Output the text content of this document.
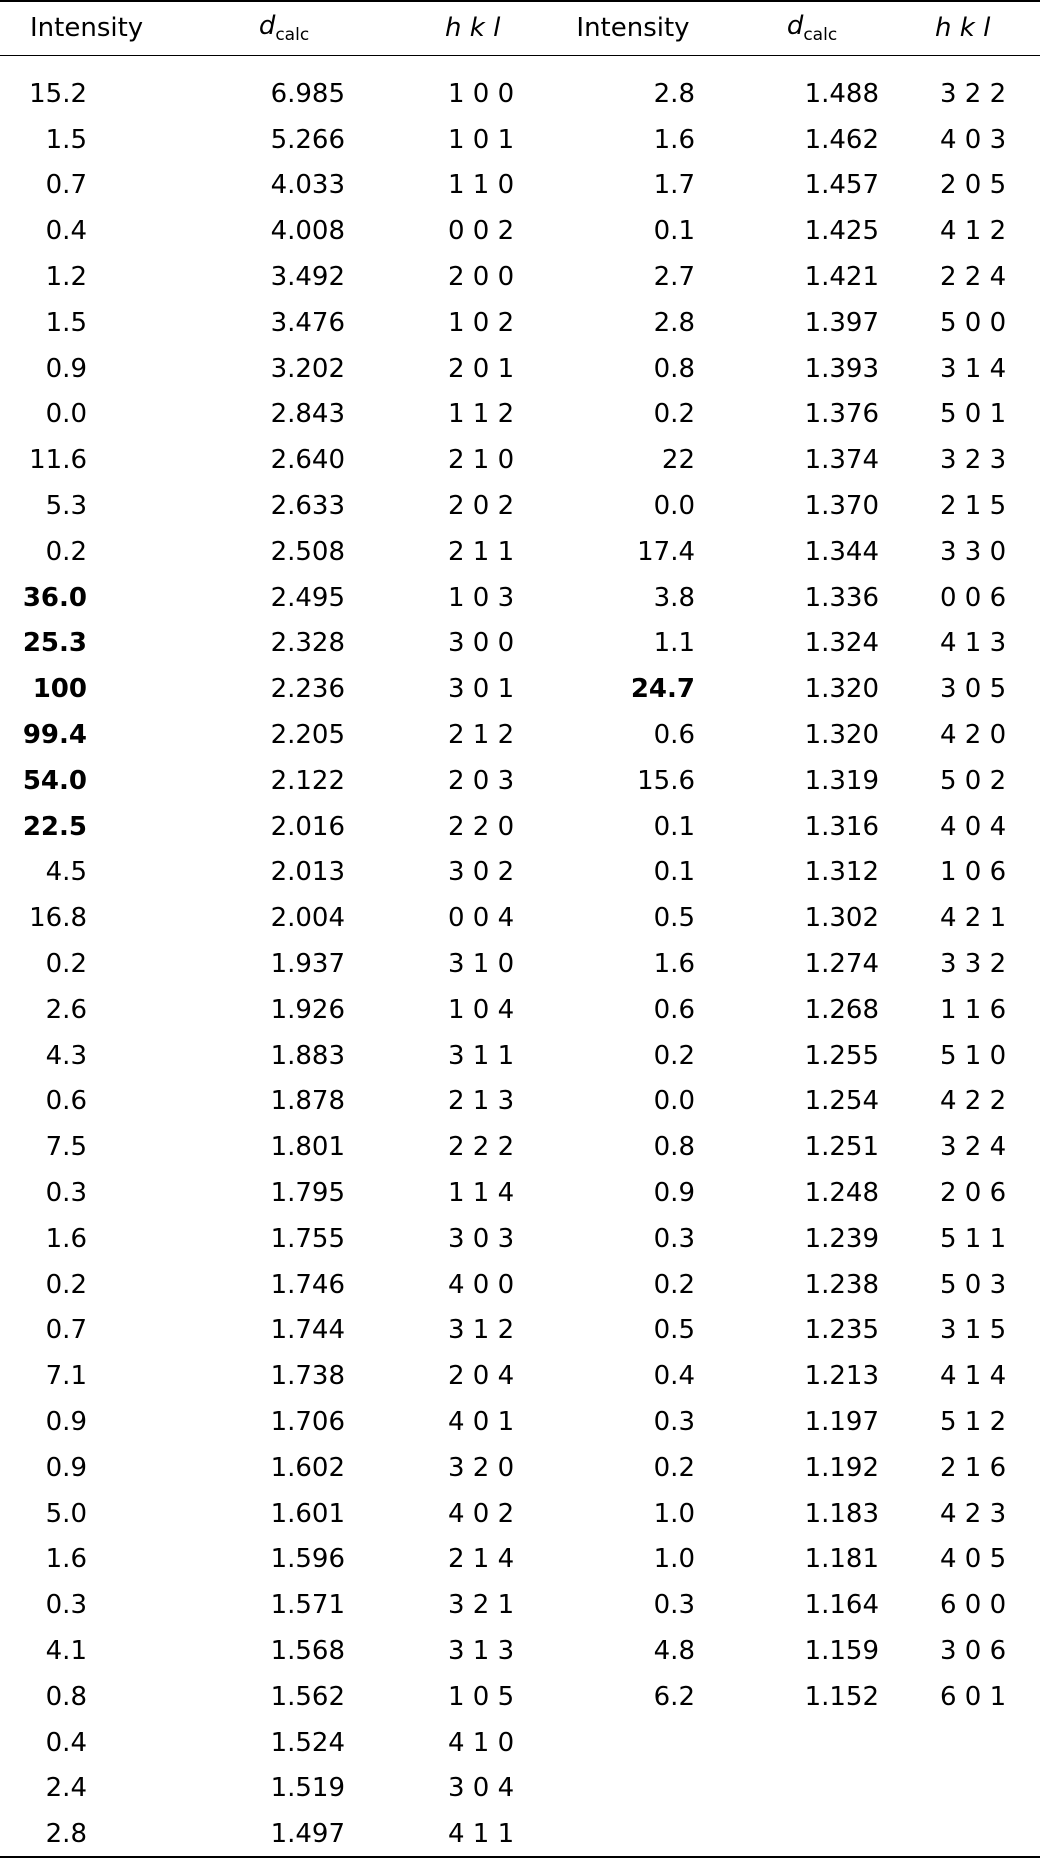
Intensity	$d_{calc}$	h k l	Intensity	$d_{calc}$	h k l

15.2	6.985	1 0 0	2.8	1.488	3 2 2
1.5	5.266	1 0 1	1.6	1.462	4 0 3
0.7	4.033	1 1 0	1.7	1.457	2 0 5
0.4	4.008	0 0 2	0.1	1.425	4 1 2
1.2	3.492	2 0 0	2.7	1.421	2 2 4
1.5	3.476	1 0 2	2.8	1.397	5 0 0
0.9	3.202	2 0 1	0.8	1.393	3 1 4
0.0	2.843	1 1 2	0.2	1.376	5 0 1
11.6	2.640	2 1 0	22	1.374	3 2 3
5.3	2.633	2 0 2	0.0	1.370	2 1 5
0.2	2.508	2 1 1	17.4	1.344	3 3 0
36.0	2.495	1 0 3	3.8	1.336	0 0 6
25.3	2.328	3 0 0	1.1	1.324	4 1 3
100	2.236	3 0 1	24.7	1.320	3 0 5
99.4	2.205	2 1 2	0.6	1.320	4 2 0
54.0	2.122	2 0 3	15.6	1.319	5 0 2
22.5	2.016	2 2 0	0.1	1.316	4 0 4
4.5	2.013	3 0 2	0.1	1.312	1 0 6
16.8	2.004	0 0 4	0.5	1.302	4 2 1
0.2	1.937	3 1 0	1.6	1.274	3 3 2
2.6	1.926	1 0 4	0.6	1.268	1 1 6
4.3	1.883	3 1 1	0.2	1.255	5 1 0
0.6	1.878	2 1 3	0.0	1.254	4 2 2
7.5	1.801	2 2 2	0.8	1.251	3 2 4
0.3	1.795	1 1 4	0.9	1.248	2 0 6
1.6	1.755	3 0 3	0.3	1.239	5 1 1
0.2	1.746	4 0 0	0.2	1.238	5 0 3
0.7	1.744	3 1 2	0.5	1.235	3 1 5
7.1	1.738	2 0 4	0.4	1.213	4 1 4
0.9	1.706	4 0 1	0.3	1.197	5 1 2
0.9	1.602	3 2 0	0.2	1.192	2 1 6
5.0	1.601	4 0 2	1.0	1.183	4 2 3
1.6	1.596	2 1 4	1.0	1.181	4 0 5
0.3	1.571	3 2 1	0.3	1.164	6 0 0
4.1	1.568	3 1 3	4.8	1.159	3 0 6
0.8	1.562	1 0 5	6.2	1.152	6 0 1
0.4	1.524	4 1 0			
2.4	1.519	3 0 4			
2.8	1.497	4 1 1			
